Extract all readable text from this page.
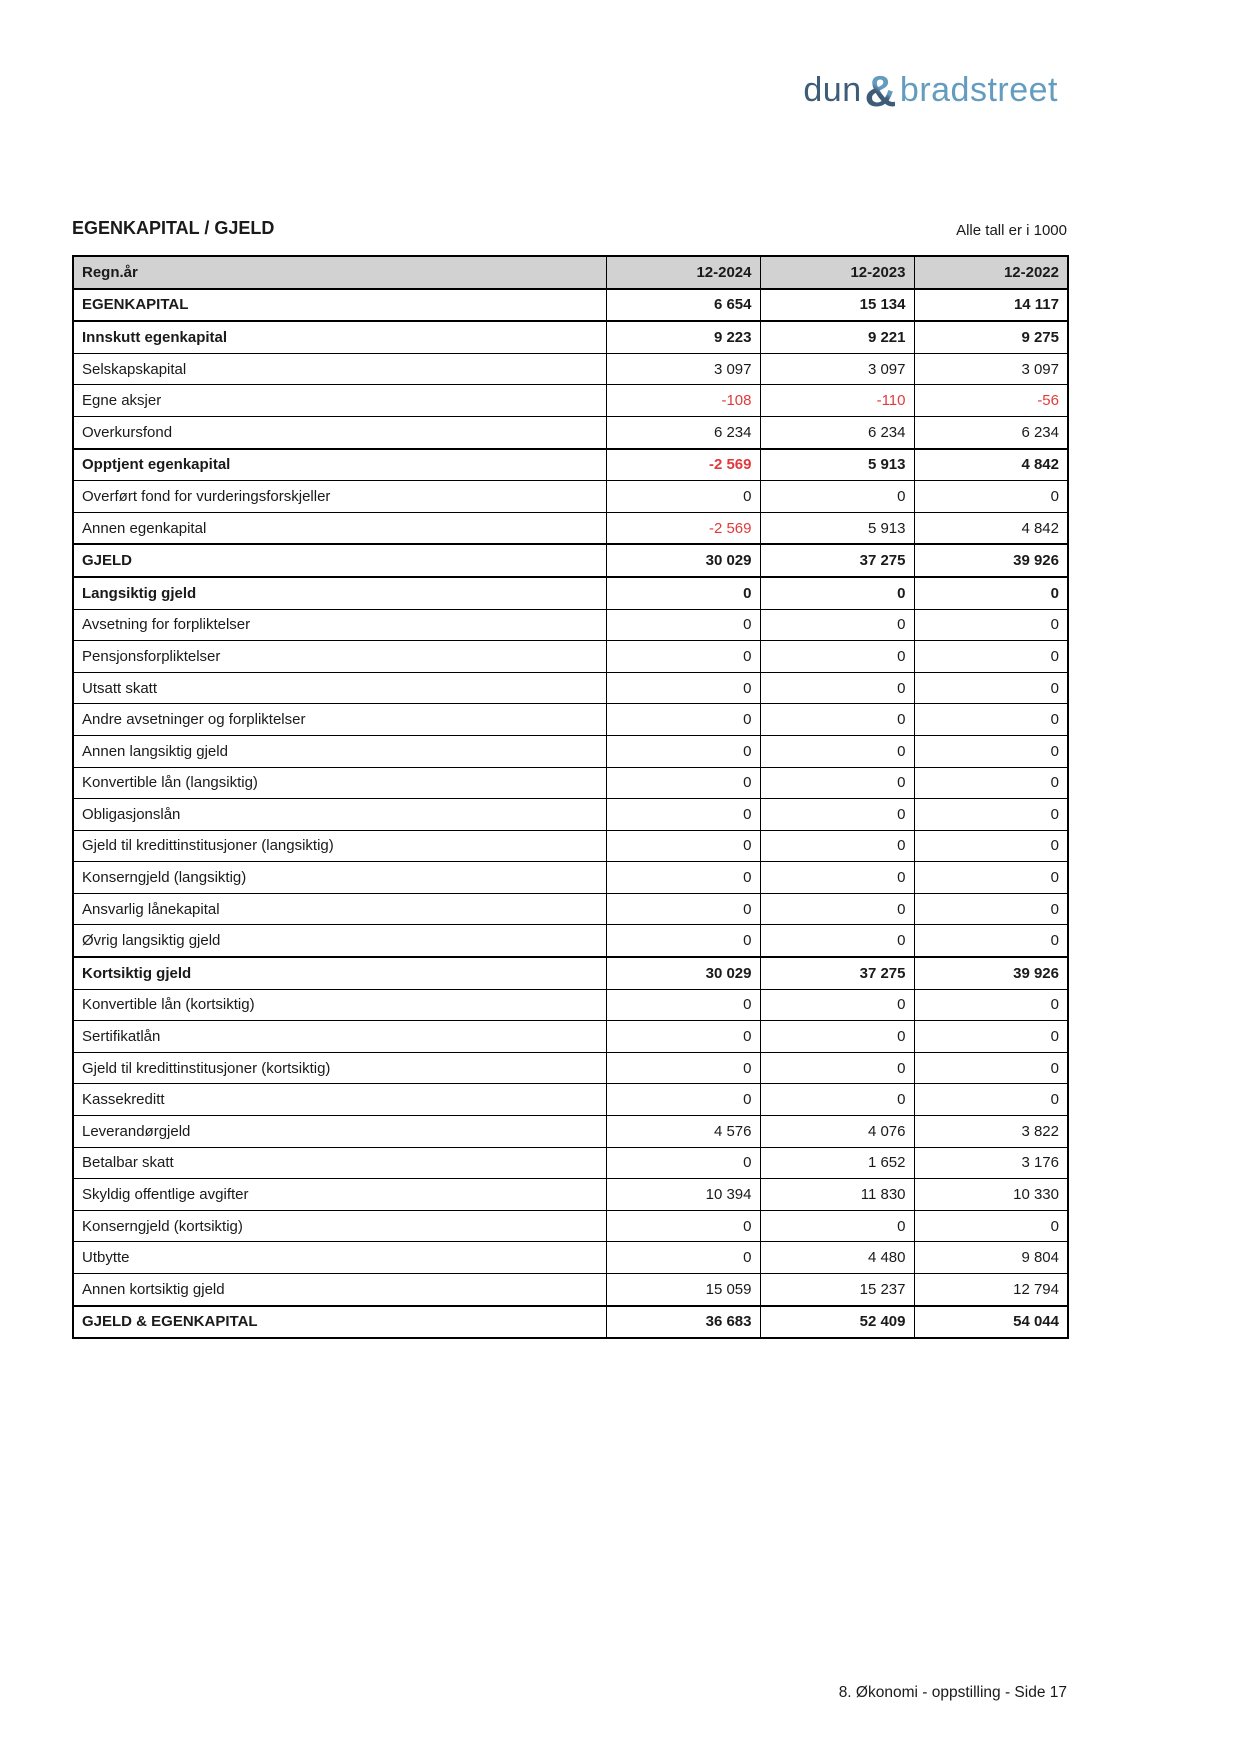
dun&bradstreet
EGENKAPITAL / GJELD	Alle tall er i 1000
Regn.år	12-2024	12-2023	12-2022
EGENKAPITAL	6 654	15 134	14 117
Innskutt egenkapital	9 223	9 221	9 275
Selskapskapital	3 097	3 097	3 097
Egne aksjer	-108	-110	-56
Overkursfond	6 234	6 234	6 234
Opptjent egenkapital	-2 569	5 913	4 842
Overført fond for vurderingsforskjeller	0	0	0
Annen egenkapital	-2 569	5 913	4 842
GJELD	30 029	37 275	39 926
Langsiktig gjeld	0	0	0
Avsetning for forpliktelser	0	0	0
Pensjonsforpliktelser	0	0	0
Utsatt skatt	0	0	0
Andre avsetninger og forpliktelser	0	0	0
Annen langsiktig gjeld	0	0	0
Konvertible lån (langsiktig)	0	0	0
Obligasjonslån	0	0	0
Gjeld til kredittinstitusjoner (langsiktig)	0	0	0
Konserngjeld (langsiktig)	0	0	0
Ansvarlig lånekapital	0	0	0
Øvrig langsiktig gjeld	0	0	0
Kortsiktig gjeld	30 029	37 275	39 926
Konvertible lån (kortsiktig)	0	0	0
Sertifikatlån	0	0	0
Gjeld til kredittinstitusjoner (kortsiktig)	0	0	0
Kassekreditt	0	0	0
Leverandørgjeld	4 576	4 076	3 822
Betalbar skatt	0	1 652	3 176
Skyldig offentlige avgifter	10 394	11 830	10 330
Konserngjeld (kortsiktig)	0	0	0
Utbytte	0	4 480	9 804
Annen kortsiktig gjeld	15 059	15 237	12 794
GJELD & EGENKAPITAL	36 683	52 409	54 044
8. Økonomi - oppstilling - Side 17
